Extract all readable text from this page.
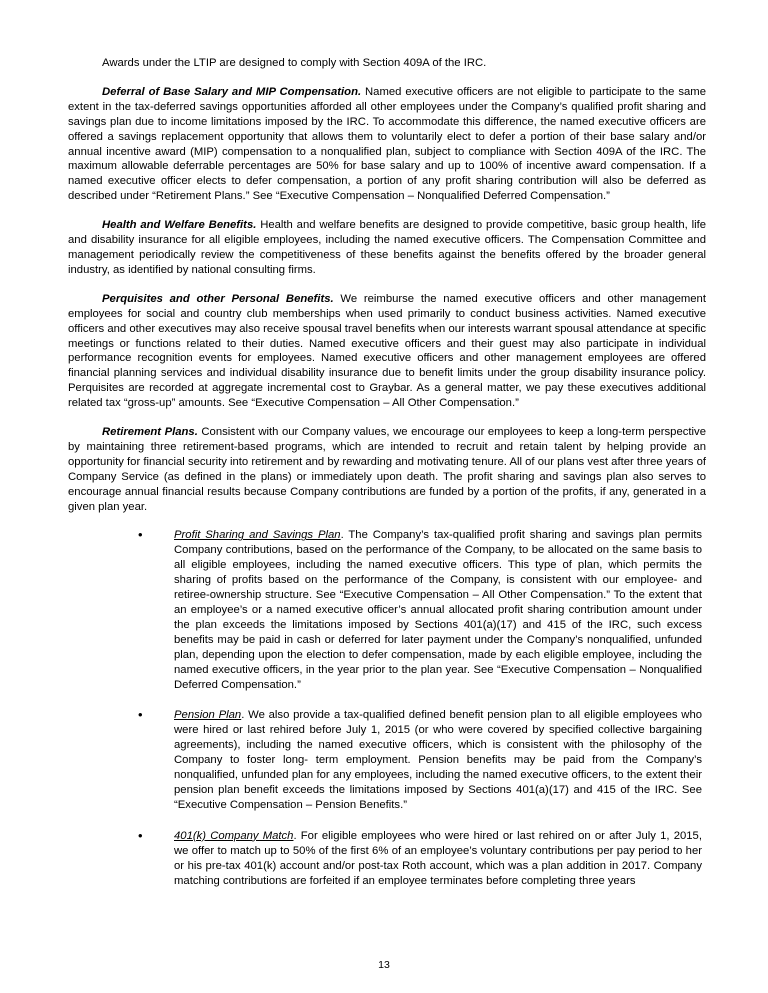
Awards under the LTIP are designed to comply with Section 409A of the IRC.

Deferral of Base Salary and MIP Compensation. Named executive officers are not eligible to participate to the same extent in the tax-deferred savings opportunities afforded all other employees under the Company’s qualified profit sharing and savings plan due to income limitations imposed by the IRC. To accommodate this difference, the named executive officers are offered a savings replacement opportunity that allows them to voluntarily elect to defer a portion of their base salary and/or annual incentive award (MIP) compensation to a nonqualified plan, subject to compliance with Section 409A of the IRC. The maximum allowable deferrable percentages are 50% for base salary and up to 100% of incentive award compensation. If a named executive officer elects to defer compensation, a portion of any profit sharing contribution will also be deferred as described under “Retirement Plans.” See “Executive Compensation – Nonqualified Deferred Compensation.”

Health and Welfare Benefits. Health and welfare benefits are designed to provide competitive, basic group health, life and disability insurance for all eligible employees, including the named executive officers. The Compensation Committee and management periodically review the competitiveness of these benefits against the benefits offered by the broader general industry, as identified by national consulting firms.

Perquisites and other Personal Benefits. We reimburse the named executive officers and other management employees for social and country club memberships when used primarily to conduct business activities. Named executive officers and other executives may also receive spousal travel benefits when our interests warrant spousal attendance at specific meetings or functions related to their duties. Named executive officers and their guest may also participate in individual performance recognition events for employees. Named executive officers and other management employees are offered financial planning services and individual disability insurance due to benefit limits under the group disability insurance policy. Perquisites are recorded at aggregate incremental cost to Graybar. As a general matter, we pay these executives additional related tax “gross-up” amounts. See “Executive Compensation – All Other Compensation.”

Retirement Plans. Consistent with our Company values, we encourage our employees to keep a long-term perspective by maintaining three retirement-based programs, which are intended to recruit and retain talent by helping provide an opportunity for financial security into retirement and by rewarding and motivating tenure. All of our plans vest after three years of Company Service (as defined in the plans) or immediately upon death. The profit sharing and savings plan also serves to encourage annual financial results because Company contributions are funded by a portion of the profits, if any, generated in a given plan year.

•	Profit Sharing and Savings Plan. The Company’s tax-qualified profit sharing and savings plan permits Company contributions, based on the performance of the Company, to be allocated on the same basis to all eligible employees, including the named executive officers. This type of plan, which permits the sharing of profits based on the performance of the Company, is consistent with our employee- and retiree-ownership structure. See “Executive Compensation – All Other Compensation.” To the extent that an employee’s or a named executive officer’s annual allocated profit sharing contribution amount under the plan exceeds the limitations imposed by Sections 401(a)(17) and 415 of the IRC, such excess benefits may be paid in cash or deferred for later payment under the Company’s nonqualified, unfunded plan, depending upon the election to defer compensation, made by each eligible employee, including the named executive officers, in the year prior to the plan year. See “Executive Compensation – Nonqualified Deferred Compensation.”
•	Pension Plan. We also provide a tax-qualified defined benefit pension plan to all eligible employees who were hired or last rehired before July 1, 2015 (or who were covered by specified collective bargaining agreements), including the named executive officers, which is consistent with the philosophy of the Company to foster long- term employment. Pension benefits may be paid from the Company’s nonqualified, unfunded plan for any employees, including the named executive officers, to the extent their pension plan benefit exceeds the limitations imposed by Sections 401(a)(17) and 415 of the IRC. See “Executive Compensation – Pension Benefits.”
•	401(k) Company Match. For eligible employees who were hired or last rehired on or after July 1, 2015, we offer to match up to 50% of the first 6% of an employee’s voluntary contributions per pay period to her or his pre-tax 401(k) account and/or post-tax Roth account, which was a plan addition in 2017. Company matching contributions are forfeited if an employee terminates before completing three years
13
